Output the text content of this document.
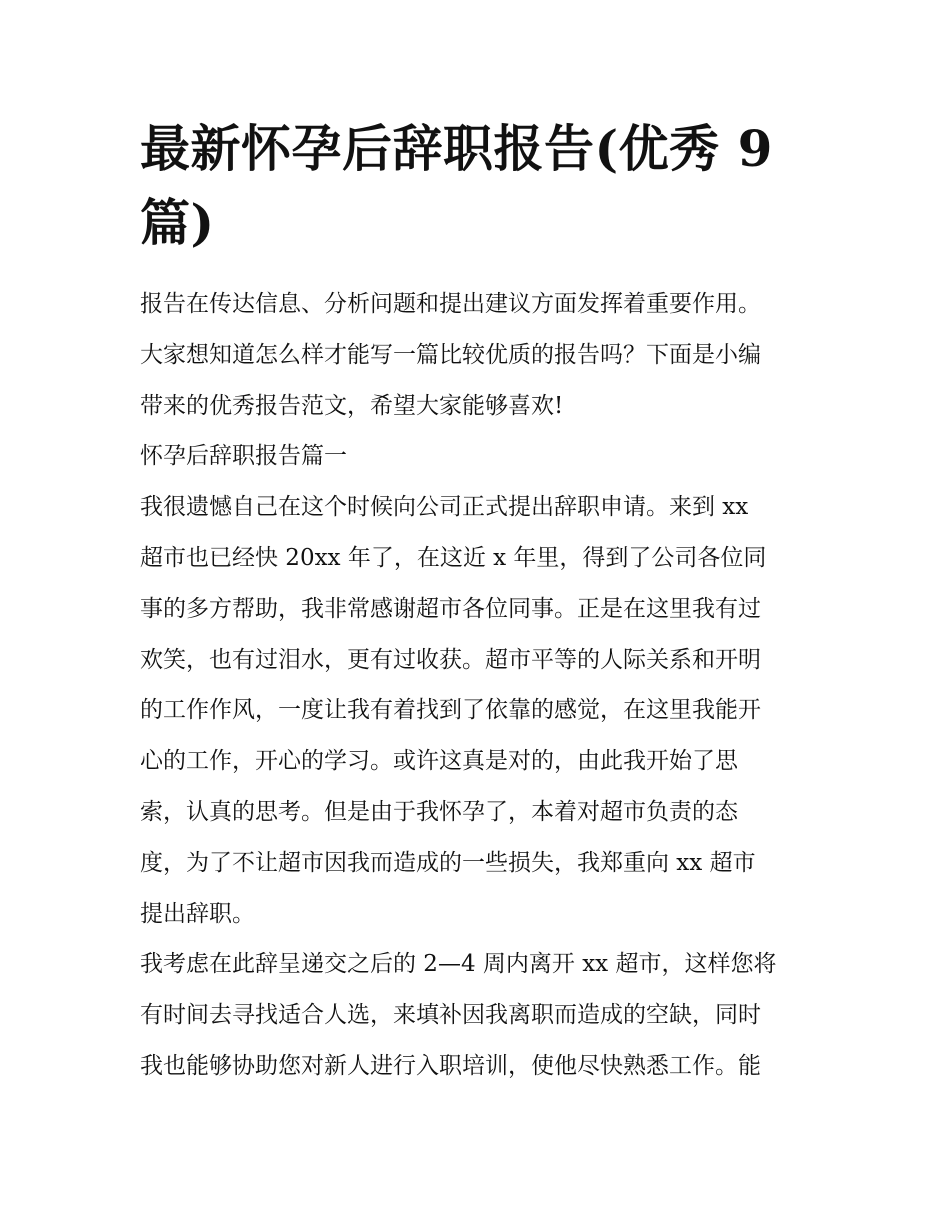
最新怀孕后辞职报告(优秀 9 篇)
报告在传达信息、分析问题和提出建议方面发挥着重要作用。
大家想知道怎么样才能写一篇比较优质的报告吗？下面是小编
带来的优秀报告范文，希望大家能够喜欢!
怀孕后辞职报告篇一
我很遗憾自己在这个时候向公司正式提出辞职申请。来到 xx
超市也已经快 20xx 年了，在这近 x 年里，得到了公司各位同
事的多方帮助，我非常感谢超市各位同事。正是在这里我有过
欢笑，也有过泪水，更有过收获。超市平等的人际关系和开明
的工作作风，一度让我有着找到了依靠的感觉，在这里我能开
心的工作，开心的学习。或许这真是对的，由此我开始了思
索，认真的思考。但是由于我怀孕了，本着对超市负责的态
度，为了不让超市因我而造成的一些损失，我郑重向 xx 超市
提出辞职。
我考虑在此辞呈递交之后的 2—4 周内离开 xx 超市，这样您将
有时间去寻找适合人选，来填补因我离职而造成的空缺，同时
我也能够协助您对新人进行入职培训，使他尽快熟悉工作。能
